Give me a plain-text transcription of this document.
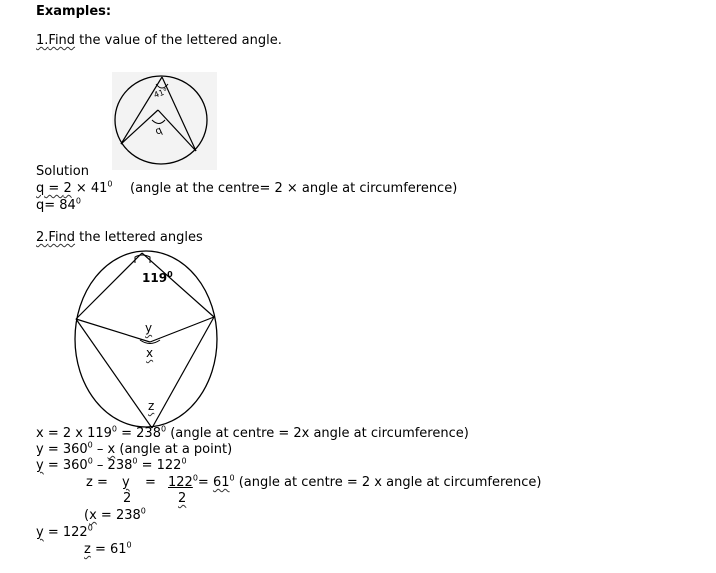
Examples:
1.Find the value of the lettered angle.
41°
q
Solution
$q = 2 \times 41^0$ (angle at the centre= 2 × angle at circumference)
$q= 84^0$
2.Find the lettered angles
$119^0$
y
x
z
x = 2 x $119^0 = 238^0$ (angle at centre = 2x angle at circumference)
$y = 360^0 - x$ (angle at a point)
$y = 360^0 - 238^0 = 122^0$
$z = y = 122^0= 61^0$ (angle at centre = 2 x angle at circumference)
2	2
($x = 238^0$
$y = 122^0$
$z = 61^0$
